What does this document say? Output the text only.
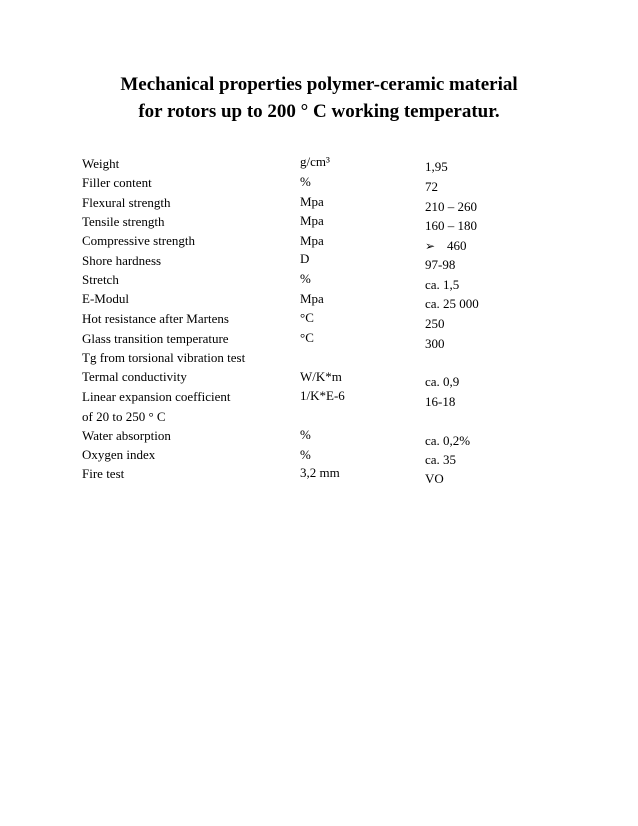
Mechanical properties polymer-ceramic material
for rotors up to 200 ° C working temperatur.
Weight	g/cm³	1,95
Filler content	%	72
Flexural strength	Mpa	210 – 260
Tensile strength	Mpa	160 – 180
Compressive strength	Mpa	➢ 460
Shore hardness	D	97-98
Stretch	%	ca. 1,5
E-Modul	Mpa	ca. 25 000
Hot resistance after Martens	°C	250
Glass transition temperature	°C	300
Tg from torsional vibration test
Termal conductivity	W/K*m	ca. 0,9
Linear expansion coefficient	1/K*E-6	16-18
of 20 to 250 ° C
Water absorption	%	ca. 0,2%
Oxygen index	%	ca. 35
Fire test	3,2 mm	VO
